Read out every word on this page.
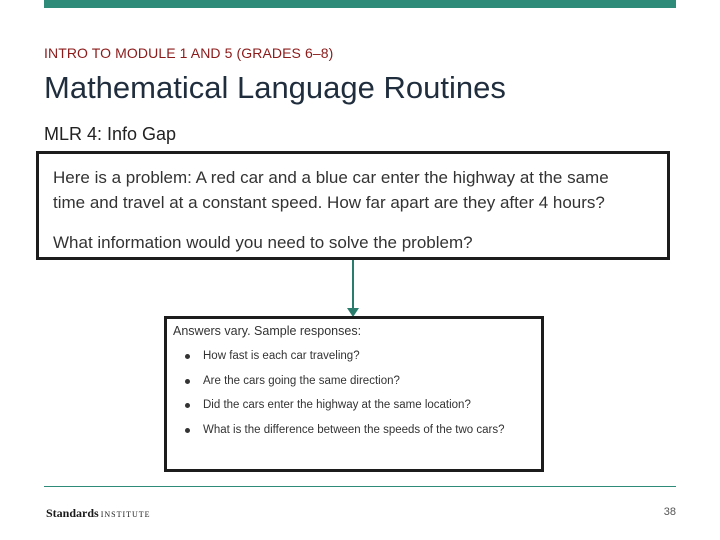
INTRO TO MODULE 1 AND 5 (GRADES 6–8)
Mathematical Language Routines
MLR 4: Info Gap
Here is a problem: A red car and a blue car enter the highway at the same
time and travel at a constant speed. How far apart are they after 4 hours?
What information would you need to solve the problem?
Answers vary. Sample responses:
How fast is each car traveling?
Are the cars going the same direction?
Did the cars enter the highway at the same location?
What is the difference between the speeds of the two cars?
Standards INSTITUTE	38
